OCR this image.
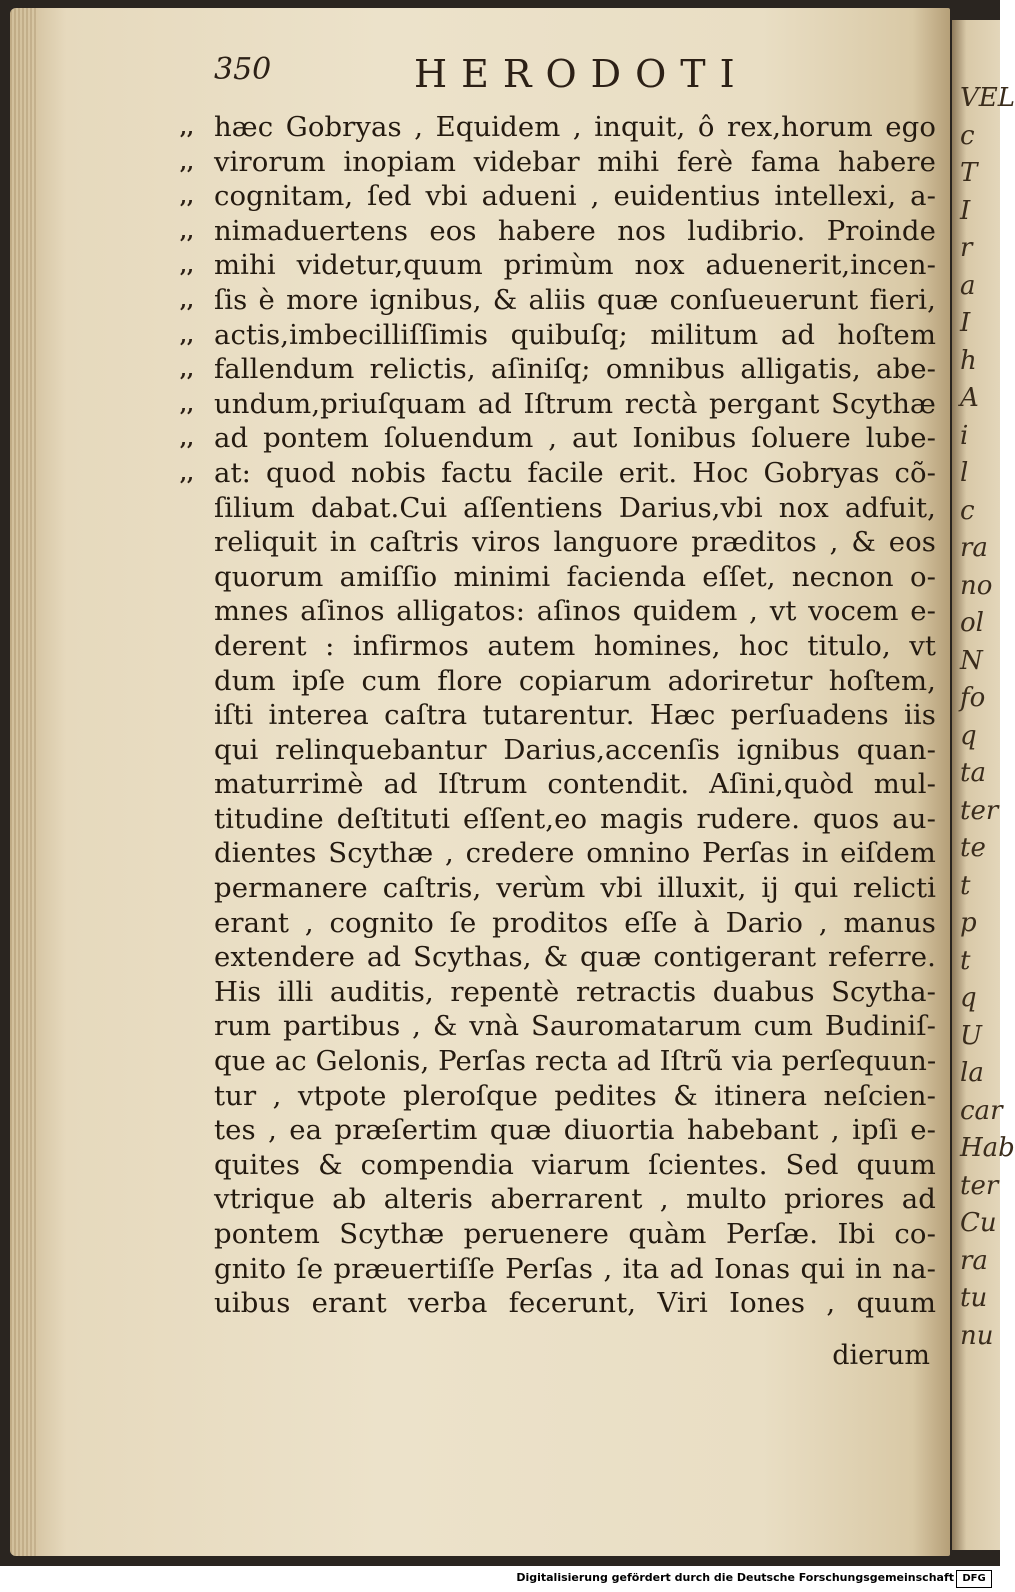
VEL
c
T
I
r
a
I
h
A
i
l
c
ra
no
ol
N
fo
q
ta
ter
te
t
p
t
q
U
la
car
Hab
ter
Cu
ra
tu
nu
350	HERODOTI
,,
,,
,,
,,
,,
,,
,,
,,
,,
,,
,,
hæc Gobryas , Equidem , inquit, ô rex,horum ego
virorum inopiam videbar mihi ferè fama habere
cognitam, ſed vbi adueni , euidentius intellexi, a-
nimaduertens eos habere nos ludibrio. Proinde
mihi videtur,quum primùm nox aduenerit,incen-
ſis è more ignibus, & aliis quæ conſueuerunt fieri,
actis,imbecilliſſimis quibuſq; militum ad hoſtem
fallendum relictis, aſiniſq; omnibus alligatis, abe-
undum,priuſquam ad Iſtrum rectà pergant Scythæ
ad pontem ſoluendum , aut Ionibus ſoluere lube-
at: quod nobis factu facile erit. Hoc Gobryas cõ-
ſilium dabat.Cui aſſentiens Darius,vbi nox adfuit,
reliquit in caſtris viros languore præditos , & eos
quorum amiſſio minimi facienda eſſet, necnon o-
mnes aſinos alligatos: aſinos quidem , vt vocem e-
derent : infirmos autem homines, hoc titulo, vt
dum ipſe cum flore copiarum adoriretur hoſtem,
iſti interea caſtra tutarentur. Hæc perſuadens iis
qui relinquebantur Darius,accenſis ignibus quan-
maturrimè ad Iſtrum contendit. Aſini,quòd mul-
titudine deſtituti eſſent,eo magis rudere. quos au-
dientes Scythæ , credere omnino Perſas in eiſdem
permanere caſtris, verùm vbi illuxit, ij qui relicti
erant , cognito ſe proditos eſſe à Dario , manus
extendere ad Scythas, & quæ contigerant referre.
His illi auditis, repentè retractis duabus Scytha-
rum partibus , & vnà Sauromatarum cum Budiniſ-
que ac Gelonis, Perſas recta ad Iſtrũ via perſequun-
tur , vtpote pleroſque pedites & itinera neſcien-
tes , ea præſertim quæ diuortia habebant , ipſi e-
quites & compendia viarum ſcientes. Sed quum
vtrique ab alteris aberrarent , multo priores ad
pontem Scythæ peruenere quàm Perſæ. Ibi co-
gnito ſe præuertiſſe Perſas , ita ad Ionas qui in na-
uibus erant verba fecerunt, Viri Iones , quum
dierum
Digitalisierung gefördert durch die Deutsche Forschungsgemeinschaft DFG
